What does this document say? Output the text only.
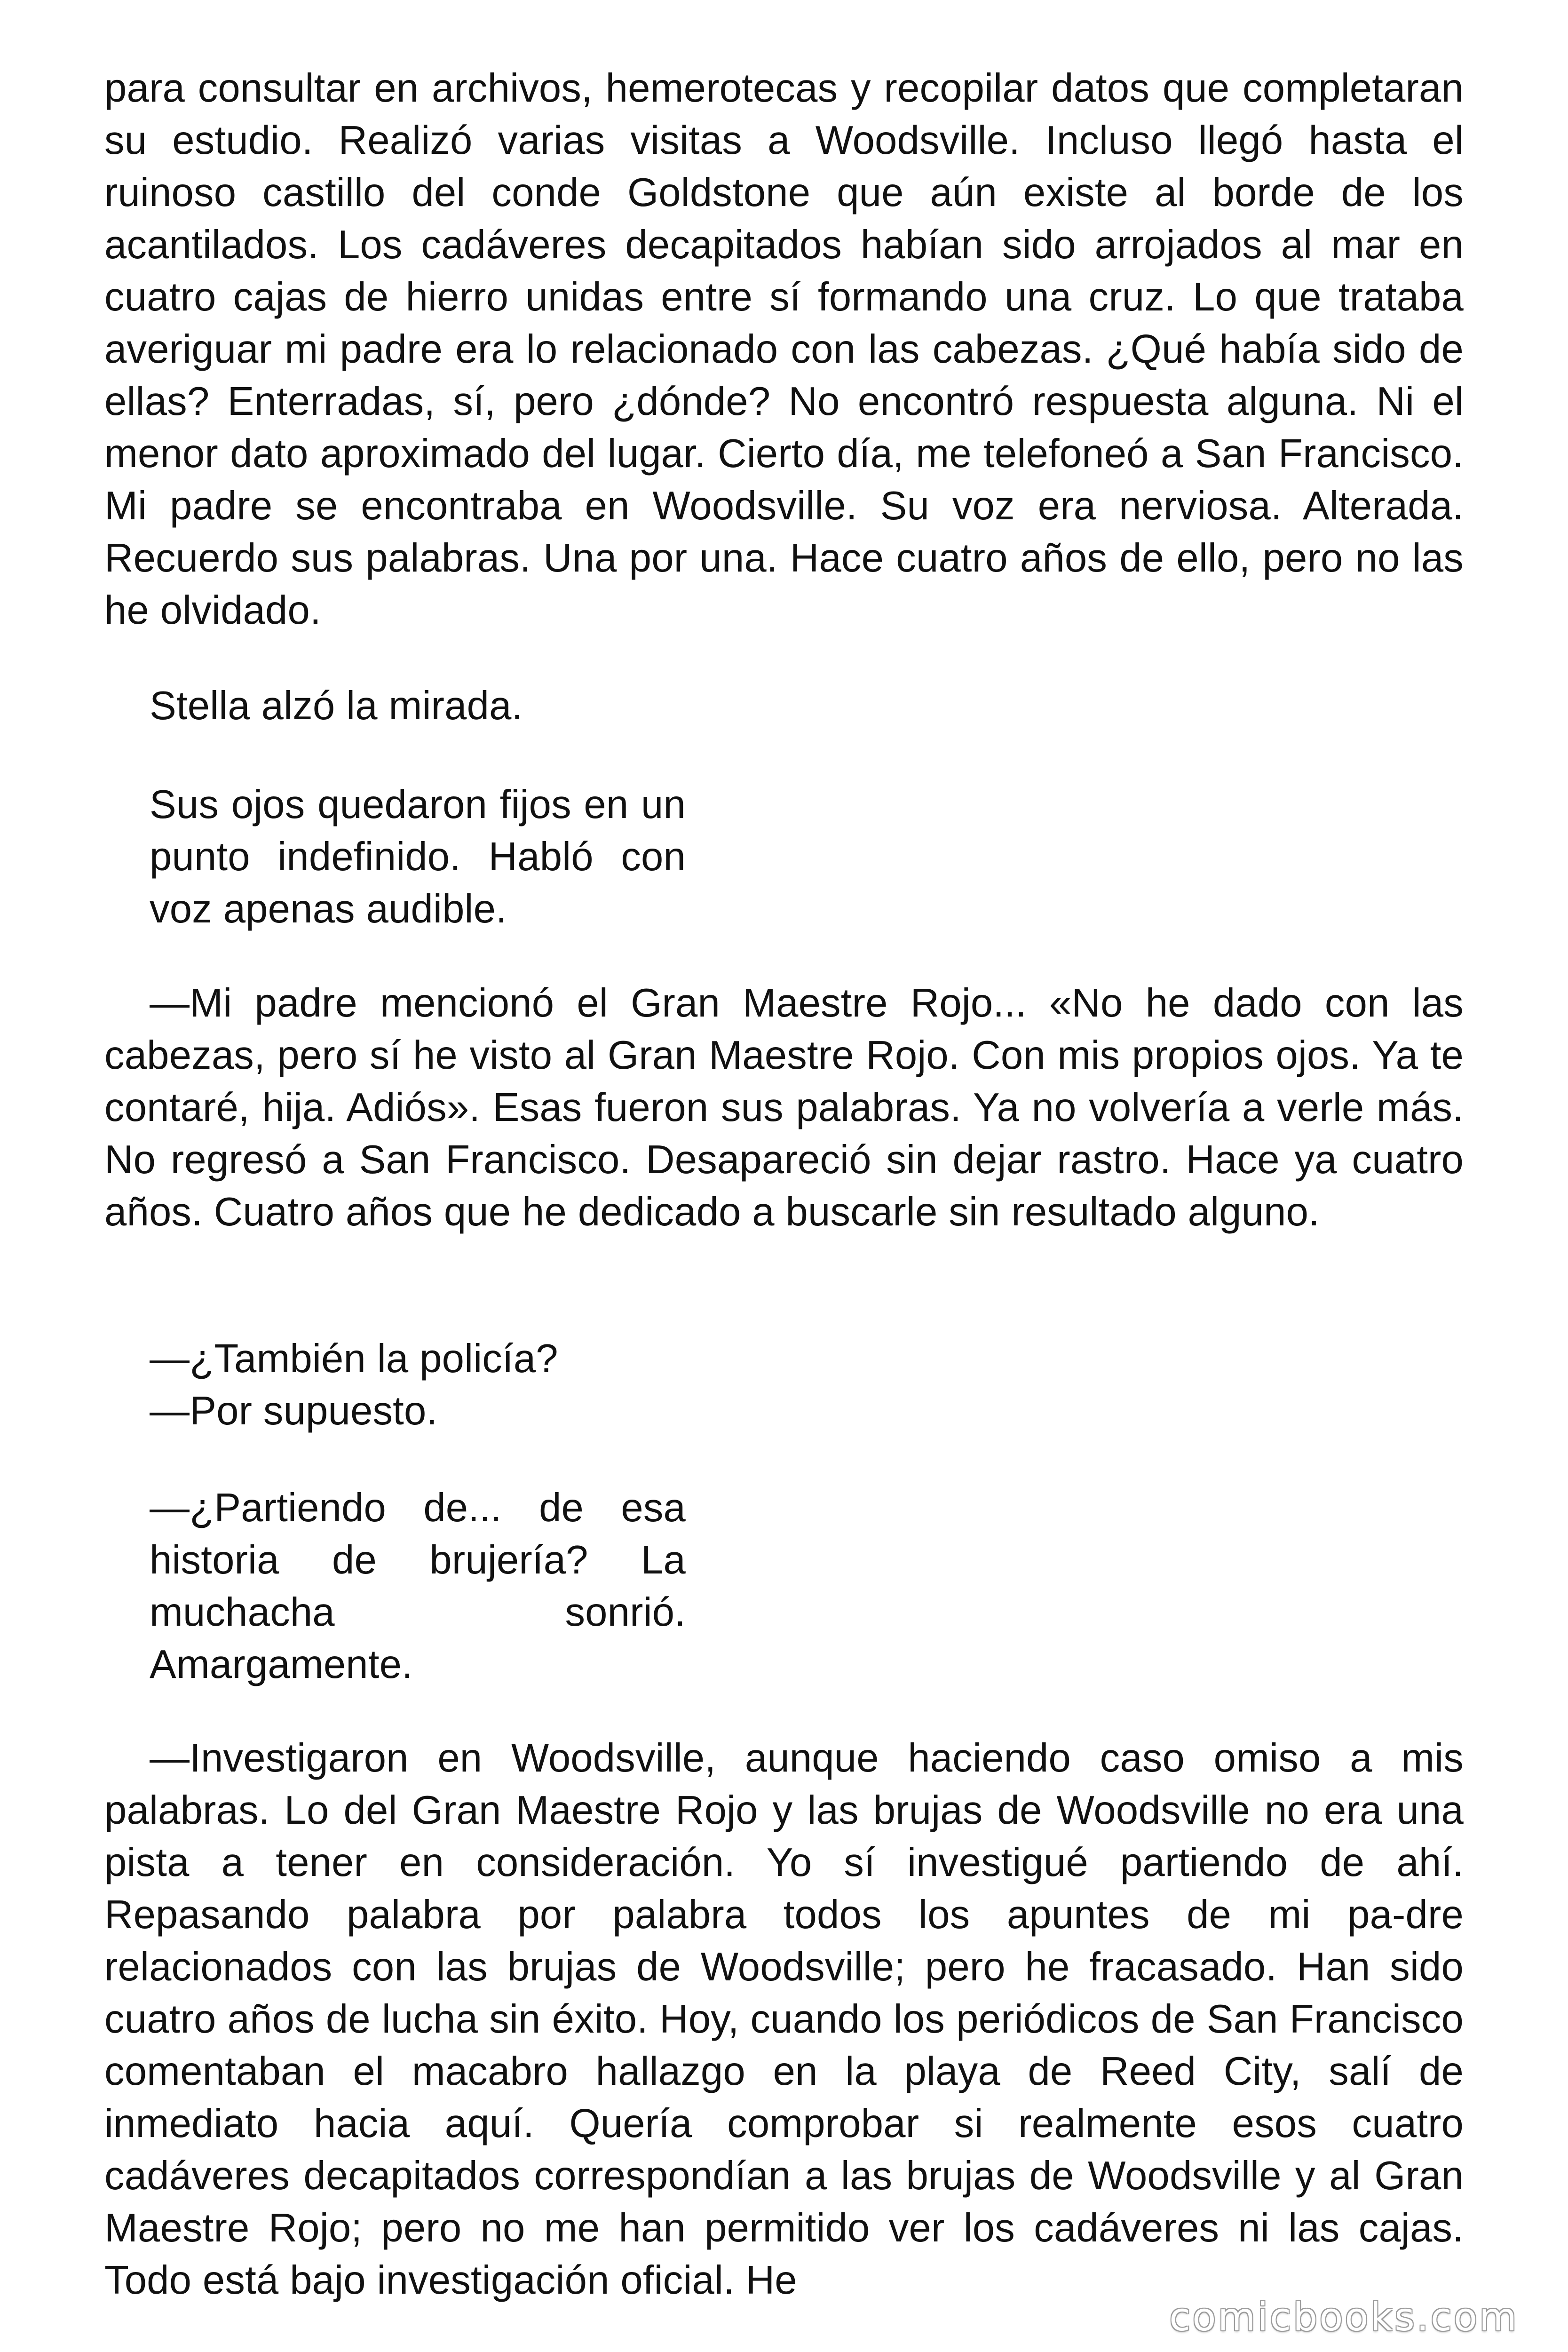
para consultar en archivos, hemerotecas y recopilar datos que completaran su estudio. Realizó varias visitas a Woodsville. Incluso llegó hasta el ruinoso castillo del conde Goldstone que aún existe al borde de los acantilados. Los cadáveres decapitados habían sido arrojados al mar en cuatro cajas de hierro unidas entre sí formando una cruz. Lo que trataba averiguar mi padre era lo relacionado con las cabezas. ¿Qué había sido de ellas? Enterradas, sí, pero ¿dónde? No encontró respuesta alguna. Ni el menor dato aproximado del lugar. Cierto día, me telefoneó a San Francisco. Mi padre se encontraba en Woodsville. Su voz era nerviosa. Alterada. Recuerdo sus palabras. Una por una. Hace cuatro años de ello, pero no las he olvidado.

Stella alzó la mirada.

Sus ojos quedaron fijos en un punto indefinido. Habló con voz apenas audible.

—Mi padre mencionó el Gran Maestre Rojo... «No he dado con las cabezas, pero sí he visto al Gran Maestre Rojo. Con mis propios ojos. Ya te contaré, hija. Adiós». Esas fueron sus palabras. Ya no volvería a verle más. No regresó a San Francisco. Desapareció sin dejar rastro. Hace ya cuatro años. Cuatro años que he dedicado a buscarle sin resultado alguno.

—¿También la policía?

—Por supuesto.

—¿Partiendo de... de esa historia de brujería? La muchacha sonrió. Amargamente.

—Investigaron en Woodsville, aunque haciendo caso omiso a mis palabras. Lo del Gran Maestre Rojo y las brujas de Woodsville no era una pista a tener en consideración. Yo sí investigué partiendo de ahí. Repasando palabra por palabra todos los apuntes de mi pa-dre relacionados con las brujas de Woodsville; pero he fracasado. Han sido cuatro años de lucha sin éxito. Hoy, cuando los periódicos de San Francisco comentaban el macabro hallazgo en la playa de Reed City, salí de inmediato hacia aquí. Quería comprobar si realmente esos cuatro cadáveres decapitados correspondían a las brujas de Woodsville y al Gran Maestre Rojo; pero no me han permitido ver los cadáveres ni las cajas. Todo está bajo investigación oficial. He

comicbooks.com
